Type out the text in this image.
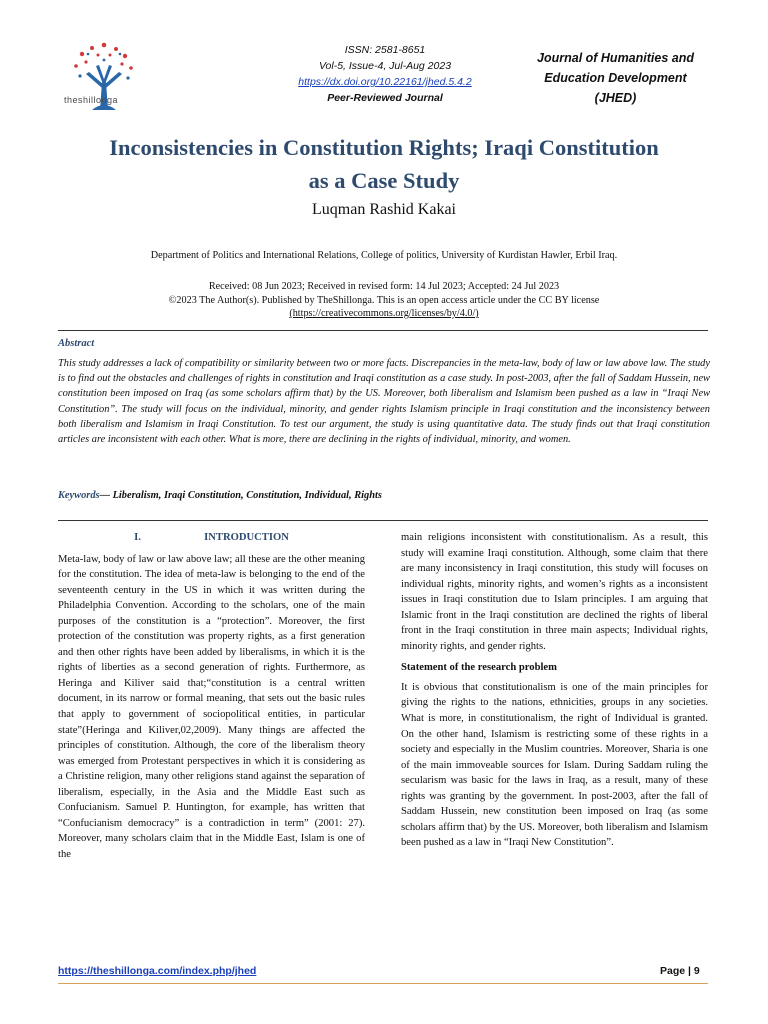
theshillonga
ISSN: 2581-8651
Vol-5, Issue-4, Jul-Aug 2023
https://dx.doi.org/10.22161/jhed.5.4.2
Peer-Reviewed Journal
Journal of Humanities and
Education Development
(JHED)
Inconsistencies in Constitution Rights; Iraqi Constitution
as a Case Study
Luqman Rashid Kakai
Department of Politics and International Relations, College of politics, University of Kurdistan Hawler, Erbil Iraq.
Received: 08 Jun 2023; Received in revised form: 14 Jul 2023; Accepted: 24 Jul 2023
©2023 The Author(s). Published by TheShillonga. This is an open access article under the CC BY license
(https://creativecommons.org/licenses/by/4.0/)
Abstract
This study addresses a lack of compatibility or similarity between two or more facts. Discrepancies in the meta-law, body of law or law above law. The study is to find out the obstacles and challenges of rights in constitution and Iraqi constitution as a case study. In post-2003, after the fall of Saddam Hussein, new constitution been imposed on Iraq (as some scholars affirm that) by the US. Moreover, both liberalism and Islamism been pushed as a law in “Iraqi New Constitution”. The study will focus on the individual, minority, and gender rights Islamism principle in Iraqi constitution and the inconsistency between both liberalism and Islamism in Iraqi Constitution. To test our argument, the study is using quantitative data. The study finds out that Iraqi constitution articles are inconsistent with each other. What is more, there are declining in the rights of individual, minority, and women.
Keywords— Liberalism, Iraqi Constitution, Constitution, Individual, Rights
I.	INTRODUCTION

Meta-law, body of law or law above law; all these are the other meaning for the constitution. The idea of meta-law is belonging to the end of the seventeenth century in the US in which it was written during the Philadelphia Convention. According to the scholars, one of the main purposes of the constitution is a “protection”. Moreover, the first protection of the constitution was property rights, as a first generation and then other rights have been added by liberalisms, in which it is the rights of liberties as a second generation of rights. Furthermore, as Heringa and Kiliver said that;“constitution is a central written document, in its narrow or formal meaning, that sets out the basic rules that apply to government of sociopolitical entities, in particular state”(Heringa and Kiliver,02,2009). Many things are affected the principles of constitution. Although, the core of the liberalism theory was emerged from Protestant perspectives in which it is considering as a Christine religion, many other religions stand against the separation of liberalism, especially, in the Asia and the Middle East such as Confucianism. Samuel P. Huntington, for example, has written that “Confucianism democracy” is a contradiction in term” (2001: 27). Moreover, many scholars claim that in the Middle East, Islam is one of the

main religions inconsistent with constitutionalism. As a result, this study will examine Iraqi constitution. Although, some claim that there are many inconsistency in Iraqi constitution, this study will focuses on individual rights, minority rights, and women’s rights as a inconsistent issues in Iraqi constitution due to Islam principles. I am arguing that Islamic front in the Iraqi constitution are declined the rights of liberal front in the Iraqi constitution in three main aspects; Individual rights, minority rights, and gender rights.

Statement of the research problem

It is obvious that constitutionalism is one of the main principles for giving the rights to the nations, ethnicities, groups in any societies. What is more, in constitutionalism, the right of Individual is granted. On the other hand, Islamism is restricting some of these rights in a society and especially in the Muslim countries. Moreover, Sharia is one of the main immoveable sources for Islam. During Saddam ruling the secularism was basic for the laws in Iraq, as a result, many of these rights was granting by the government. In post-2003, after the fall of Saddam Hussein, new constitution been imposed on Iraq (as some scholars affirm that) by the US. Moreover, both liberalism and Islamism been pushed as a law in “Iraqi New Constitution”.

https://theshillonga.com/index.php/jhed	Page | 9
